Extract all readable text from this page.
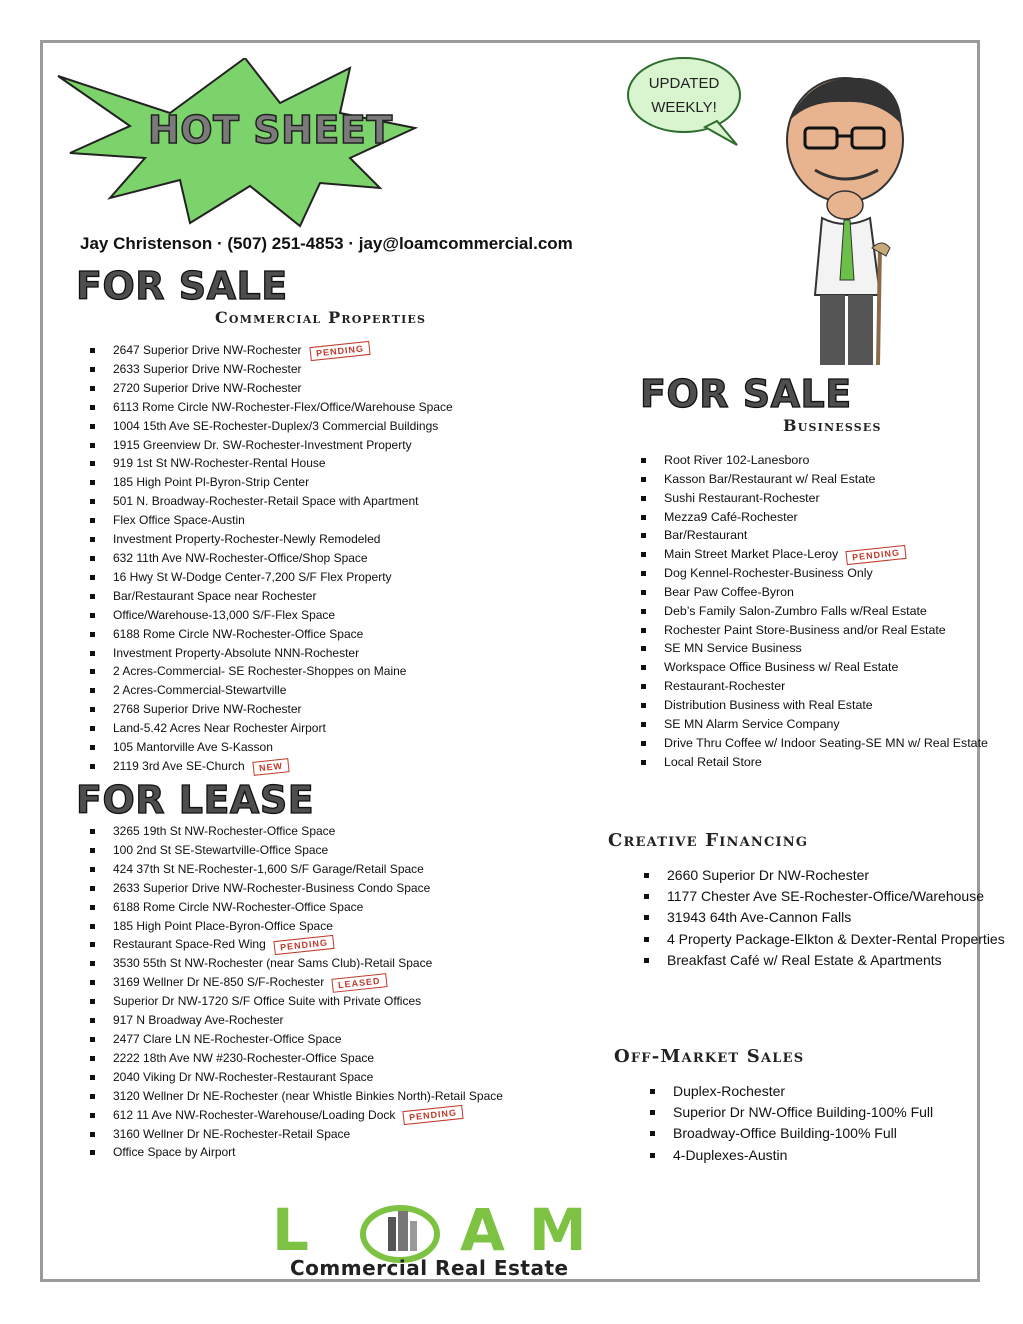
HOT SHEET
UPDATED
WEEKLY!
Jay Christenson · (507) 251-4853 · jay@loamcommercial.com
FOR SALE
Commercial Properties
2647 Superior Drive NW-Rochester PENDING
2633 Superior Drive NW-Rochester
2720 Superior Drive NW-Rochester
6113 Rome Circle NW-Rochester-Flex/Office/Warehouse Space
1004 15th Ave SE-Rochester-Duplex/3 Commercial Buildings
1915 Greenview Dr. SW-Rochester-Investment Property
919 1st St NW-Rochester-Rental House
185 High Point Pl-Byron-Strip Center
501 N. Broadway-Rochester-Retail Space with Apartment
Flex Office Space-Austin
Investment Property-Rochester-Newly Remodeled
632 11th Ave NW-Rochester-Office/Shop Space
16 Hwy St W-Dodge Center-7,200 S/F Flex Property
Bar/Restaurant Space near Rochester
Office/Warehouse-13,000 S/F-Flex Space
6188 Rome Circle NW-Rochester-Office Space
Investment Property-Absolute NNN-Rochester
2 Acres-Commercial- SE Rochester-Shoppes on Maine
2 Acres-Commercial-Stewartville
2768 Superior Drive NW-Rochester
Land-5.42 Acres Near Rochester Airport
105 Mantorville Ave S-Kasson
2119 3rd Ave SE-Church NEW
FOR LEASE
3265 19th St NW-Rochester-Office Space
100 2nd St SE-Stewartville-Office Space
424 37th St NE-Rochester-1,600 S/F Garage/Retail Space
2633 Superior Drive NW-Rochester-Business Condo Space
6188 Rome Circle NW-Rochester-Office Space
185 High Point Place-Byron-Office Space
Restaurant Space-Red Wing PENDING
3530 55th St NW-Rochester (near Sams Club)-Retail Space
3169 Wellner Dr NE-850 S/F-Rochester LEASED
Superior Dr NW-1720 S/F Office Suite with Private Offices
917 N Broadway Ave-Rochester
2477 Clare LN NE-Rochester-Office Space
2222 18th Ave NW #230-Rochester-Office Space
2040 Viking Dr NW-Rochester-Restaurant Space
3120 Wellner Dr NE-Rochester (near Whistle Binkies North)-Retail Space
612 11 Ave NW-Rochester-Warehouse/Loading Dock PENDING
3160 Wellner Dr NE-Rochester-Retail Space
Office Space by Airport
FOR SALE
Businesses
Root River 102-Lanesboro
Kasson Bar/Restaurant w/ Real Estate
Sushi Restaurant-Rochester
Mezza9 Café-Rochester
Bar/Restaurant
Main Street Market Place-Leroy PENDING
Dog Kennel-Rochester-Business Only
Bear Paw Coffee-Byron
Deb’s Family Salon-Zumbro Falls w/Real Estate
Rochester Paint Store-Business and/or Real Estate
SE MN Service Business
Workspace Office Business w/ Real Estate
Restaurant-Rochester
Distribution Business with Real Estate
SE MN Alarm Service Company
Drive Thru Coffee w/ Indoor Seating-SE MN w/ Real Estate
Local Retail Store
Creative Financing
2660 Superior Dr NW-Rochester
1177 Chester Ave SE-Rochester-Office/Warehouse
31943 64th Ave-Cannon Falls
4 Property Package-Elkton & Dexter-Rental Properties
Breakfast Café w/ Real Estate & Apartments
Off-Market Sales
Duplex-Rochester
Superior Dr NW-Office Building-100% Full
Broadway-Office Building-100% Full
4-Duplexes-Austin
L AM
Commercial Real Estate
